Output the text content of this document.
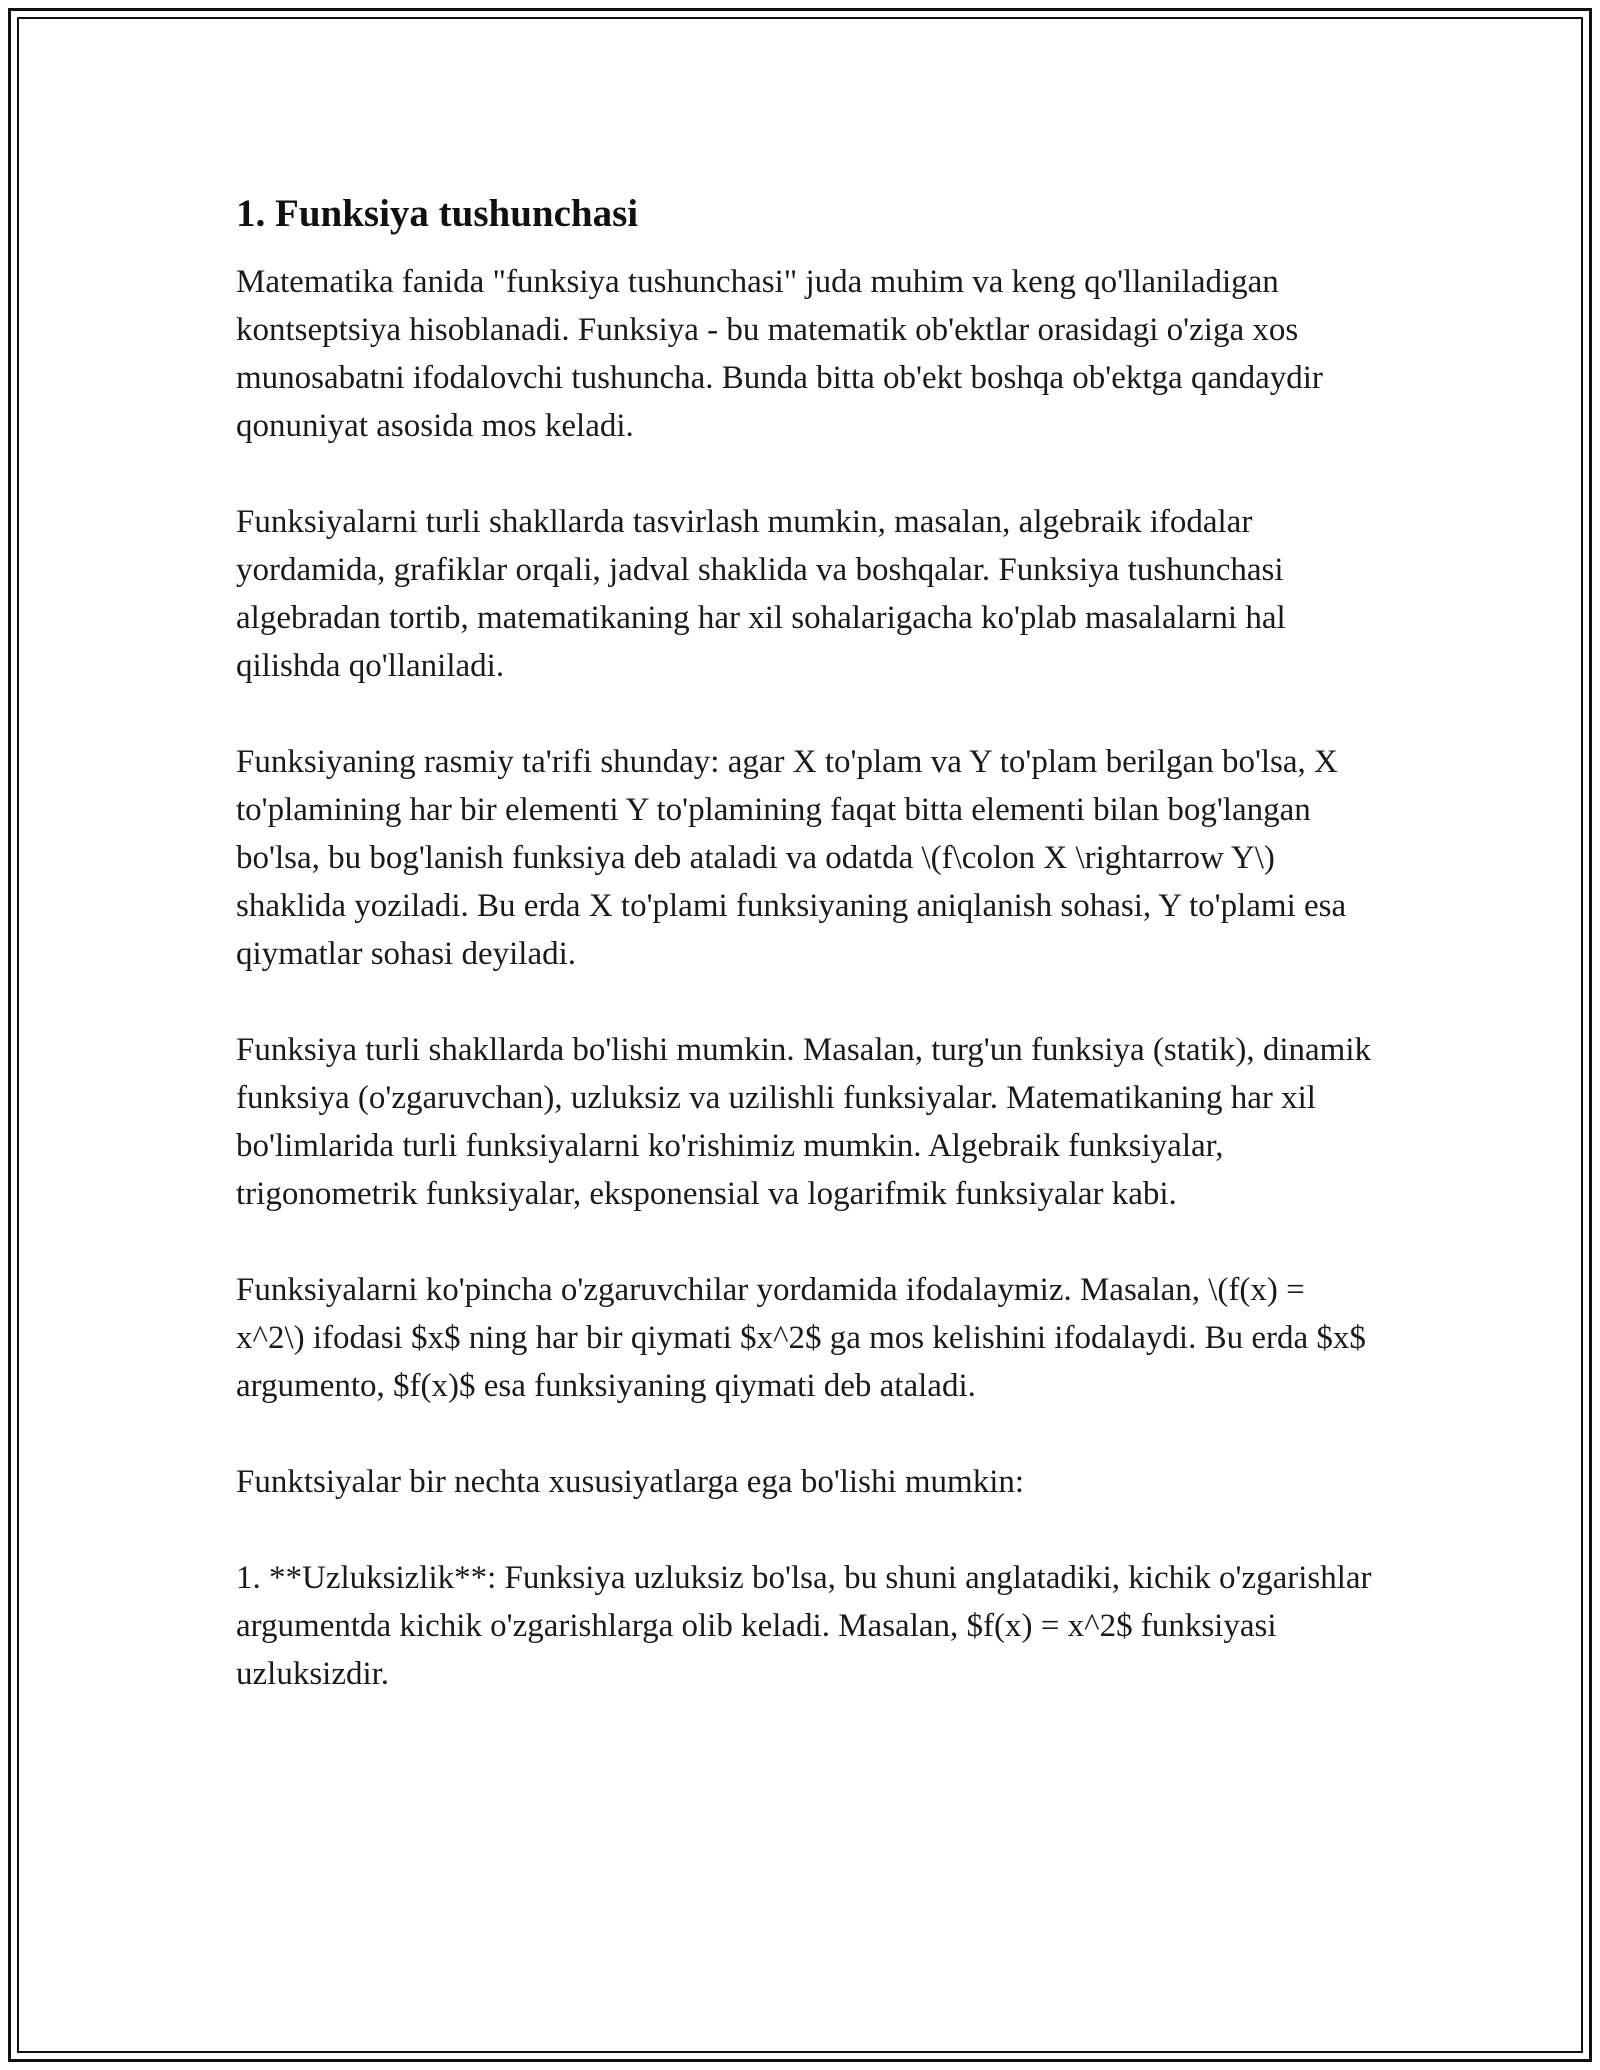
1. Funksiya tushunchasi

Matematika fanida "funksiya tushunchasi" juda muhim va keng qo'llaniladigan kontseptsiya hisoblanadi. Funksiya - bu matematik ob'ektlar orasidagi o'ziga xos munosabatni ifodalovchi tushuncha. Bunda bitta ob'ekt boshqa ob'ektga qandaydir qonuniyat asosida mos keladi.

Funksiyalarni turli shakllarda tasvirlash mumkin, masalan, algebraik ifodalar yordamida, grafiklar orqali, jadval shaklida va boshqalar. Funksiya tushunchasi algebradan tortib, matematikaning har xil sohalarigacha ko'plab masalalarni hal qilishda qo'llaniladi.

Funksiyaning rasmiy ta'rifi shunday: agar X to'plam va Y to'plam berilgan bo'lsa, X to'plamining har bir elementi Y to'plamining faqat bitta elementi bilan bog'langan bo'lsa, bu bog'lanish funksiya deb ataladi va odatda \(f\colon X \rightarrow Y\) shaklida yoziladi. Bu erda X to'plami funksiyaning aniqlanish sohasi, Y to'plami esa qiymatlar sohasi deyiladi.

Funksiya turli shakllarda bo'lishi mumkin. Masalan, turg'un funksiya (statik), dinamik funksiya (o'zgaruvchan), uzluksiz va uzilishli funksiyalar. Matematikaning har xil bo'limlarida turli funksiyalarni ko'rishimiz mumkin. Algebraik funksiyalar, trigonometrik funksiyalar, eksponensial va logarifmik funksiyalar kabi.

Funksiyalarni ko'pincha o'zgaruvchilar yordamida ifodalaymiz. Masalan, \(f(x) = x^2\) ifodasi $x$ ning har bir qiymati $x^2$ ga mos kelishini ifodalaydi. Bu erda $x$ argumento, $f(x)$ esa funksiyaning qiymati deb ataladi.

Funktsiyalar bir nechta xususiyatlarga ega bo'lishi mumkin:

1. **Uzluksizlik**: Funksiya uzluksiz bo'lsa, bu shuni anglatadiki, kichik o'zgarishlar argumentda kichik o'zgarishlarga olib keladi. Masalan, $f(x) = x^2$ funksiyasi uzluksizdir.
